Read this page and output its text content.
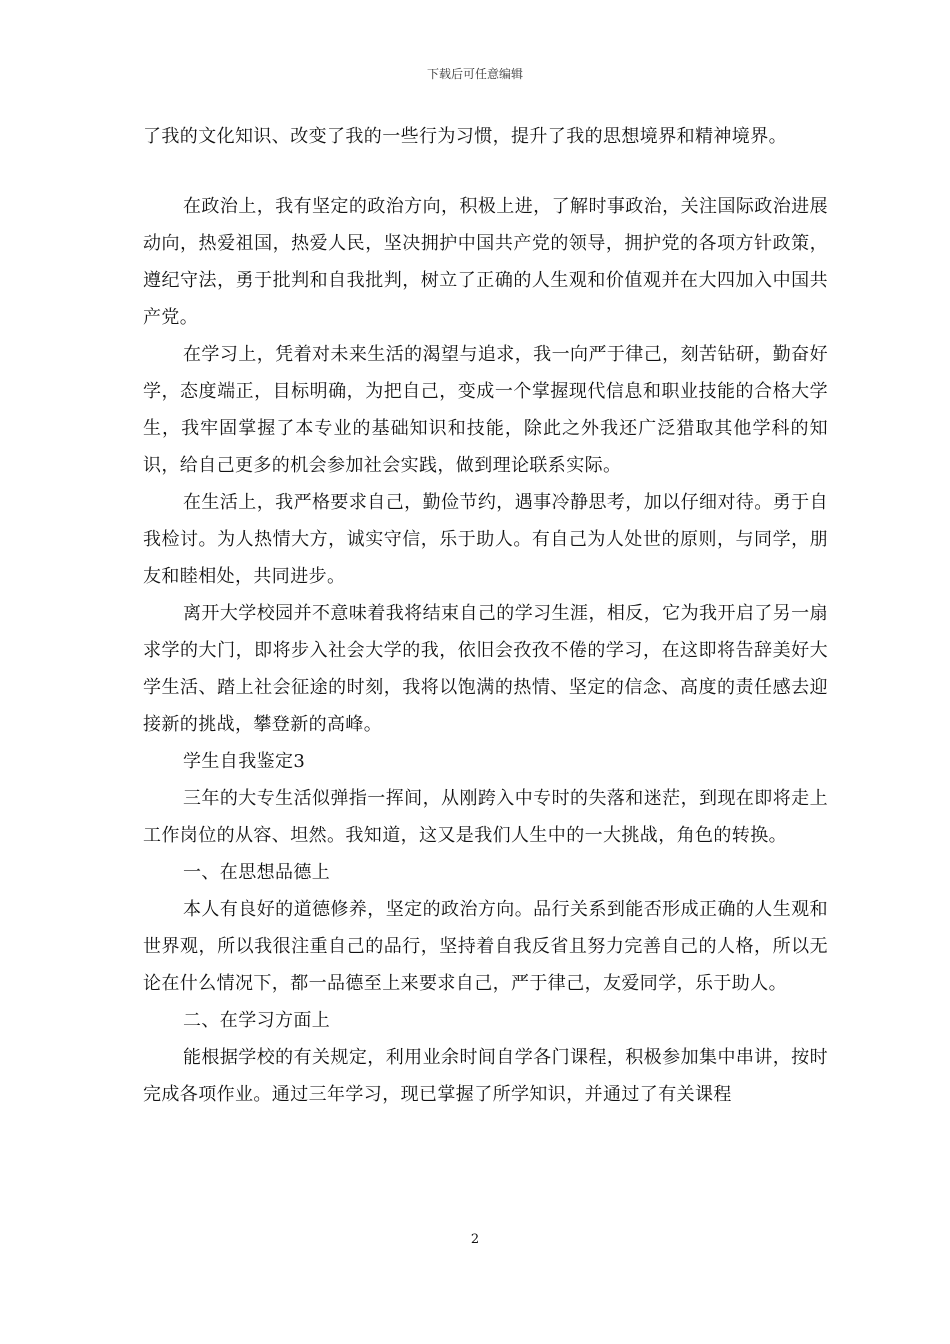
下载后可任意编辑

了我的文化知识、改变了我的一些行为习惯，提升了我的思想境界和精神境界。

在政治上，我有坚定的政治方向，积极上进，了解时事政治，关注国际政治进展动向，热爱祖国，热爱人民，坚决拥护中国共产党的领导，拥护党的各项方针政策，遵纪守法，勇于批判和自我批判，树立了正确的人生观和价值观并在大四加入中国共产党。

在学习上，凭着对未来生活的渴望与追求，我一向严于律己，刻苦钻研，勤奋好学，态度端正，目标明确，为把自己，变成一个掌握现代信息和职业技能的合格大学生，我牢固掌握了本专业的基础知识和技能，除此之外我还广泛猎取其他学科的知识，给自己更多的机会参加社会实践，做到理论联系实际。

在生活上，我严格要求自己，勤俭节约，遇事冷静思考，加以仔细对待。勇于自我检讨。为人热情大方，诚实守信，乐于助人。有自己为人处世的原则，与同学，朋友和睦相处，共同进步。

离开大学校园并不意味着我将结束自己的学习生涯，相反，它为我开启了另一扇求学的大门，即将步入社会大学的我，依旧会孜孜不倦的学习，在这即将告辞美好大学生活、踏上社会征途的时刻，我将以饱满的热情、坚定的信念、高度的责任感去迎接新的挑战，攀登新的高峰。

学生自我鉴定3

三年的大专生活似弹指一挥间，从刚跨入中专时的失落和迷茫，到现在即将走上工作岗位的从容、坦然。我知道，这又是我们人生中的一大挑战，角色的转换。

一、在思想品德上

本人有良好的道德修养，坚定的政治方向。品行关系到能否形成正确的人生观和世界观，所以我很注重自己的品行，坚持着自我反省且努力完善自己的人格，所以无论在什么情况下，都一品德至上来要求自己，严于律己，友爱同学，乐于助人。

二、在学习方面上

能根据学校的有关规定，利用业余时间自学各门课程，积极参加集中串讲，按时完成各项作业。通过三年学习，现已掌握了所学知识，并通过了有关课程

2
